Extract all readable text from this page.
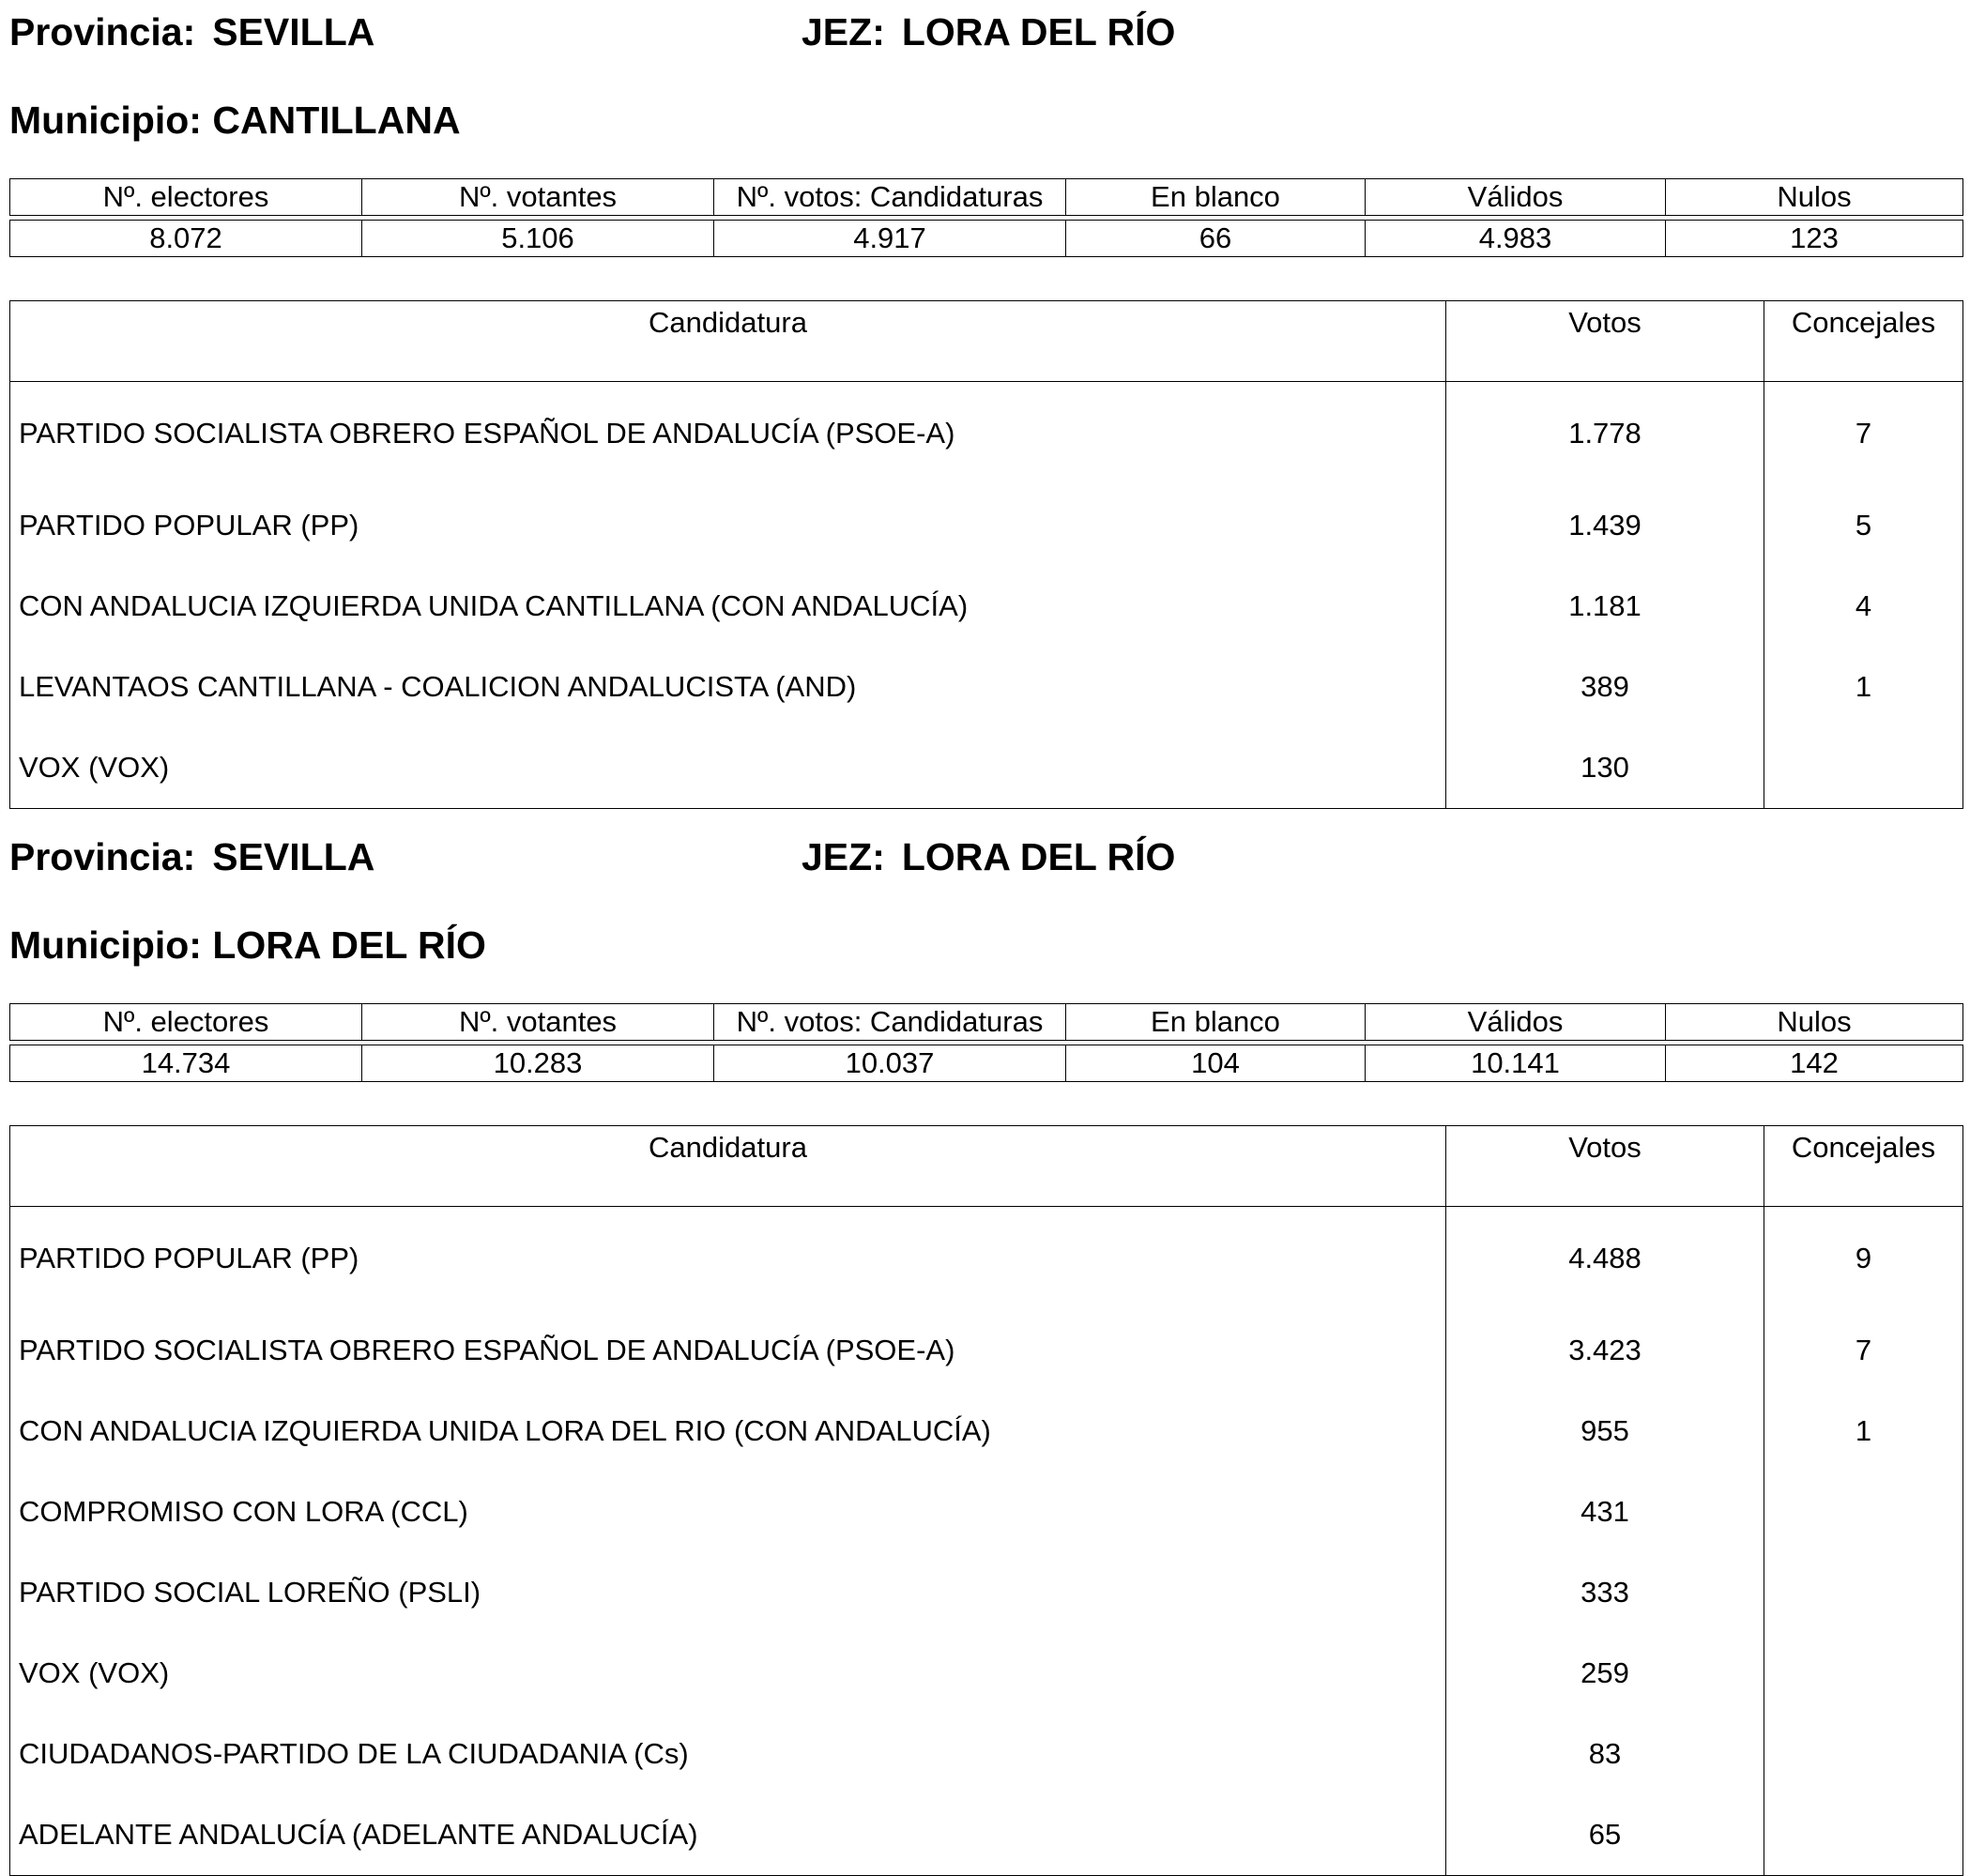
Provincia: SEVILLA	JEZ: LORA DEL RÍO
Municipio: CANTILLANA
Nº. electores	Nº. votantes	Nº. votos: Candidaturas	En blanco	Válidos	Nulos

8.072	5.106	4.917	66	4.983	123
Candidatura	Votos	Concejales
PARTIDO SOCIALISTA OBRERO ESPAÑOL DE ANDALUCÍA (PSOE-A)	1.778	7
PARTIDO POPULAR (PP)	1.439	5
CON ANDALUCIA IZQUIERDA UNIDA CANTILLANA (CON ANDALUCÍA)	1.181	4
LEVANTAOS CANTILLANA - COALICION ANDALUCISTA (AND)	389	1
VOX (VOX)	130	
Provincia: SEVILLA	JEZ: LORA DEL RÍO
Municipio: LORA DEL RÍO
Nº. electores	Nº. votantes	Nº. votos: Candidaturas	En blanco	Válidos	Nulos

14.734	10.283	10.037	104	10.141	142
Candidatura	Votos	Concejales
PARTIDO POPULAR (PP)	4.488	9
PARTIDO SOCIALISTA OBRERO ESPAÑOL DE ANDALUCÍA (PSOE-A)	3.423	7
CON ANDALUCIA IZQUIERDA UNIDA LORA DEL RIO (CON ANDALUCÍA)	955	1
COMPROMISO CON LORA (CCL)	431	
PARTIDO SOCIAL LOREÑO (PSLI)	333	
VOX (VOX)	259	
CIUDADANOS-PARTIDO DE LA CIUDADANIA (Cs)	83	
ADELANTE ANDALUCÍA (ADELANTE ANDALUCÍA)	65	
